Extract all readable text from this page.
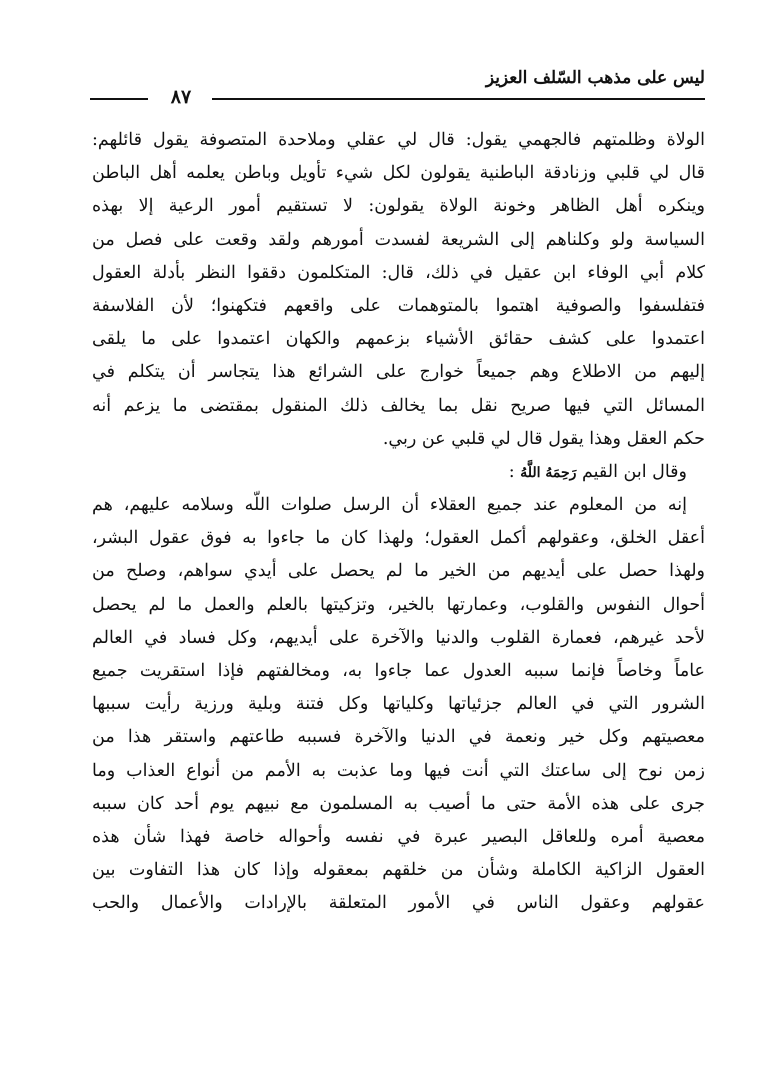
ليس على مذهب السّلف العزيز
٨٧
الولاة وظلمتهم فالجهمي يقول: قال لي عقلي وملاحدة المتصوفة يقول قائلهم:
قال لي قلبي وزنادقة الباطنية يقولون لكل شيء تأويل وباطن يعلمه أهل الباطن
وينكره أهل الظاهر وخونة الولاة يقولون: لا تستقيم أمور الرعية إلا بهذه
السياسة ولو وكلناهم إلى الشريعة لفسدت أمورهم ولقد وقعت على فصل من
كلام أبي الوفاء ابن عقيل في ذلك، قال: المتكلمون دققوا النظر بأدلة العقول
فتفلسفوا والصوفية اهتموا بالمتوهمات على واقعهم فتكهنوا؛ لأن الفلاسفة
اعتمدوا على كشف حقائق الأشياء بزعمهم والكهان اعتمدوا على ما يلقى
إليهم من الاطلاع وهم جميعاً خوارج على الشرائع هذا يتجاسر أن يتكلم في
المسائل التي فيها صريح نقل بما يخالف ذلك المنقول بمقتضى ما يزعم أنه
حكم العقل وهذا يقول قال لي قلبي عن ربي.
وقال ابن القيم رَحِمَهُ اللَّهُ :
إنه من المعلوم عند جميع العقلاء أن الرسل صلوات اللّه وسلامه عليهم، هم
أعقل الخلق، وعقولهم أكمل العقول؛ ولهذا كان ما جاءوا به فوق عقول البشر،
ولهذا حصل على أيديهم من الخير ما لم يحصل على أيدي سواهم، وصلح من
أحوال النفوس والقلوب، وعمارتها بالخير، وتزكيتها بالعلم والعمل ما لم يحصل
لأحد غيرهم، فعمارة القلوب والدنيا والآخرة على أيديهم، وكل فساد في العالم
عاماً وخاصاً فإنما سببه العدول عما جاءوا به، ومخالفتهم فإذا استقريت جميع
الشرور التي في العالم جزئياتها وكلياتها وكل فتنة وبلية ورزية رأيت سببها
معصيتهم وكل خير ونعمة في الدنيا والآخرة فسببه طاعتهم واستقر هذا من
زمن نوح إلى ساعتك التي أنت فيها وما عذبت به الأمم من أنواع العذاب وما
جرى على هذه الأمة حتى ما أصيب به المسلمون مع نبيهم يوم أحد كان سببه
معصية أمره وللعاقل البصير عبرة في نفسه وأحواله خاصة فهذا شأن هذه
العقول الزاكية الكاملة وشأن من خلقهم بمعقوله وإذا كان هذا التفاوت بين
عقولهم وعقول الناس في الأمور المتعلقة بالإرادات والأعمال والحب
